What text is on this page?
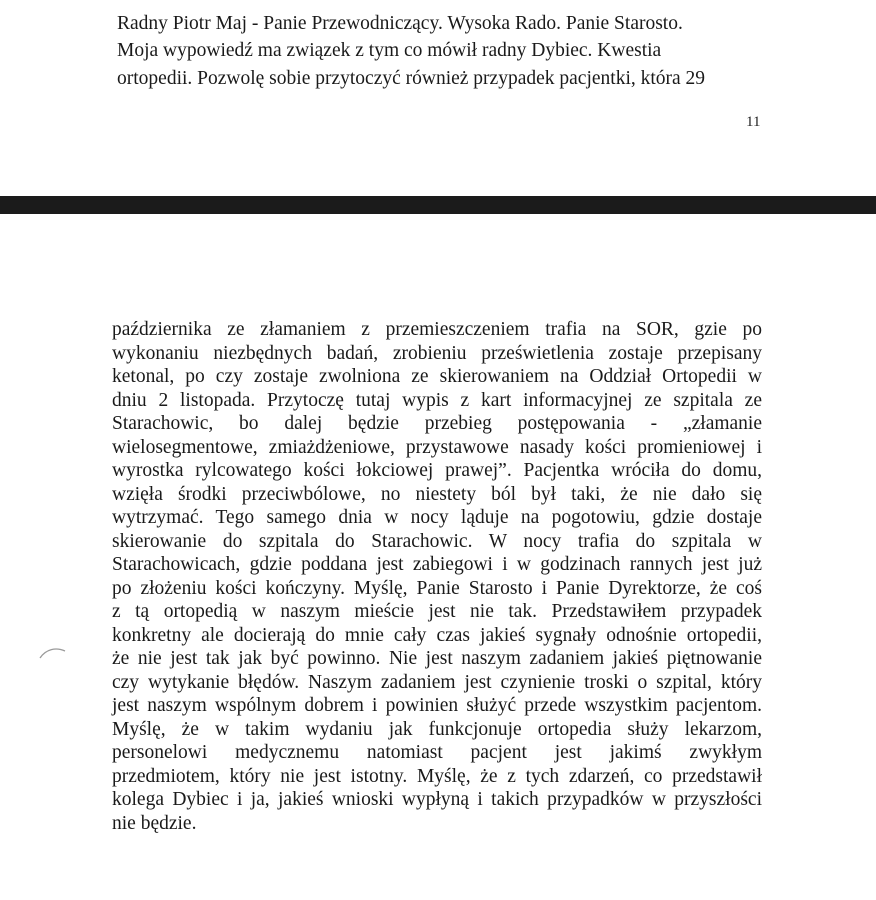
Radny Piotr Maj - Panie Przewodniczący. Wysoka Rado. Panie Starosto.
Moja wypowiedź ma związek z tym co mówił radny Dybiec. Kwestia
ortopedii. Pozwolę sobie przytoczyć również przypadek pacjentki, która 29
11
października ze złamaniem z przemieszczeniem trafia na SOR, gzie po
wykonaniu niezbędnych badań, zrobieniu prześwietlenia zostaje przepisany
ketonal, po czy zostaje zwolniona ze skierowaniem na Oddział Ortopedii w
dniu 2 listopada. Przytoczę tutaj wypis z kart informacyjnej ze szpitala ze
Starachowic, bo dalej będzie przebieg postępowania - „złamanie
wielosegmentowe, zmiażdżeniowe, przystawowe nasady kości promieniowej i
wyrostka rylcowatego kości łokciowej prawej”. Pacjentka wróciła do domu,
wzięła środki przeciwbólowe, no niestety ból był taki, że nie dało się
wytrzymać. Tego samego dnia w nocy ląduje na pogotowiu, gdzie dostaje
skierowanie do szpitala do Starachowic. W nocy trafia do szpitala w
Starachowicach, gdzie poddana jest zabiegowi i w godzinach rannych jest już
po złożeniu kości kończyny. Myślę, Panie Starosto i Panie Dyrektorze, że coś
z tą ortopedią w naszym mieście jest nie tak. Przedstawiłem przypadek
konkretny ale docierają do mnie cały czas jakieś sygnały odnośnie ortopedii,
że nie jest tak jak być powinno. Nie jest naszym zadaniem jakieś piętnowanie
czy wytykanie błędów. Naszym zadaniem jest czynienie troski o szpital, który
jest naszym wspólnym dobrem i powinien służyć przede wszystkim pacjentom.
Myślę, że w takim wydaniu jak funkcjonuje ortopedia służy lekarzom,
personelowi medycznemu natomiast pacjent jest jakimś zwykłym
przedmiotem, który nie jest istotny. Myślę, że z tych zdarzeń, co przedstawił
kolega Dybiec i ja, jakieś wnioski wypłyną i takich przypadków w przyszłości
nie będzie.
